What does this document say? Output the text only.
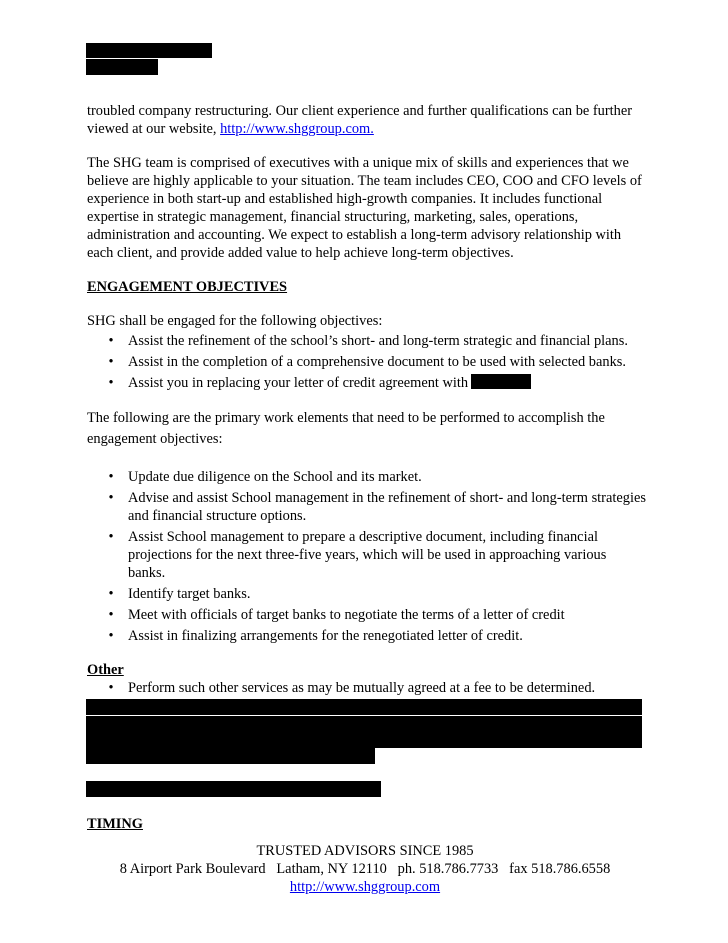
troubled company restructuring. Our client experience and further qualifications can be further viewed at our website, http://www.shggroup.com.

The SHG team is comprised of executives with a unique mix of skills and experiences that we believe are highly applicable to your situation. The team includes CEO, COO and CFO levels of experience in both start-up and established high-growth companies. It includes functional expertise in strategic management, financial structuring, marketing, sales, operations, administration and accounting. We expect to establish a long-term advisory relationship with each client, and provide added value to help achieve long-term objectives.

ENGAGEMENT OBJECTIVES

SHG shall be engaged for the following objectives:

• Assist the refinement of the school’s short- and long-term strategic and financial plans.
• Assist in the completion of a comprehensive document to be used with selected banks.
• Assist you in replacing your letter of credit agreement with

The following are the primary work elements that need to be performed to accomplish the engagement objectives:

• Update due diligence on the School and its market.
• Advise and assist School management in the refinement of short- and long-term strategies and financial structure options.
• Assist School management to prepare a descriptive document, including financial projections for the next three-five years, which will be used in approaching various banks.
• Identify target banks.
• Meet with officials of target banks to negotiate the terms of a letter of credit
• Assist in finalizing arrangements for the renegotiated letter of credit.
Other
• Perform such other services as may be mutually agreed at a fee to be determined.
TIMING
TRUSTED ADVISORS SINCE 1985
8 Airport Park Boulevard   Latham, NY 12110   ph. 518.786.7733   fax 518.786.6558
http://www.shggroup.com
